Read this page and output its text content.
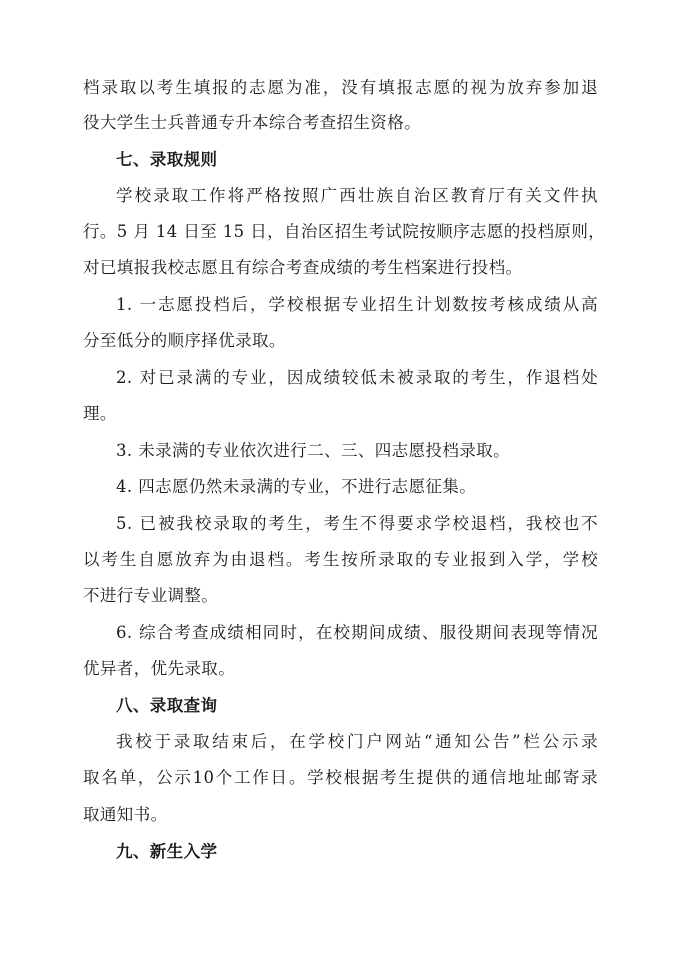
档录取以考生填报的志愿为准，没有填报志愿的视为放弃参加退
役大学生士兵普通专升本综合考查招生资格。
七、录取规则
学校录取工作将严格按照广西壮族自治区教育厅有关文件执
行。5 月 14 日至 15 日，自治区招生考试院按顺序志愿的投档原则，
对已填报我校志愿且有综合考查成绩的考生档案进行投档。
1. 一志愿投档后，学校根据专业招生计划数按考核成绩从高
分至低分的顺序择优录取。
2. 对已录满的专业，因成绩较低未被录取的考生，作退档处
理。
3. 未录满的专业依次进行二、三、四志愿投档录取。
4. 四志愿仍然未录满的专业，不进行志愿征集。
5. 已被我校录取的考生，考生不得要求学校退档，我校也不
以考生自愿放弃为由退档。考生按所录取的专业报到入学，学校
不进行专业调整。
6. 综合考查成绩相同时，在校期间成绩、服役期间表现等情况
优异者，优先录取。
八、录取查询
我校于录取结束后，在学校门户网站“通知公告”栏公示录
取名单，公示10个工作日。学校根据考生提供的通信地址邮寄录
取通知书。
九、新生入学
